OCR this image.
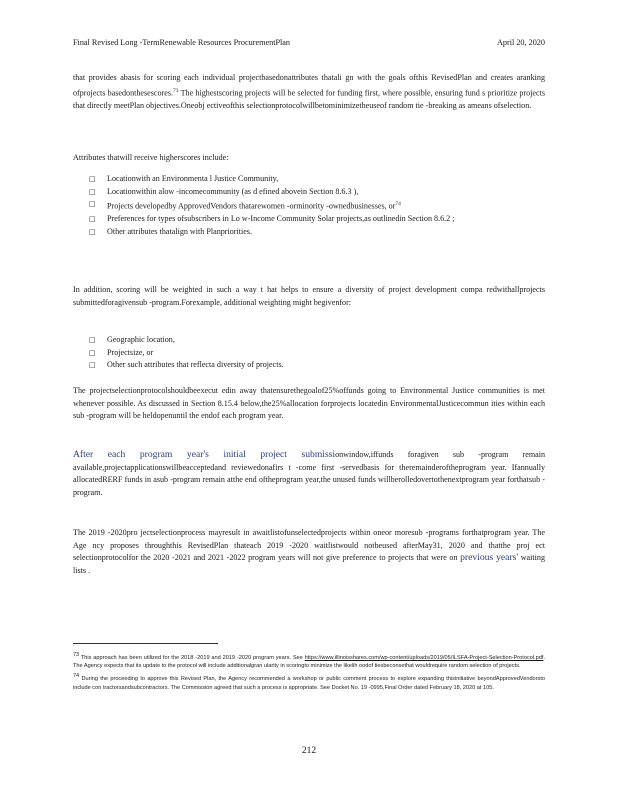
Final Revised Long -TermRenewable Resources ProcurementPlan	April 20, 2020

that provides abasis for scoring each individual projectbasedonattributes thatali gn with the goals ofthis RevisedPlan and creates aranking ofprojects basedonthesescores.$^{73}$ The highestscoring projects will be selected for funding first, where possible, ensuring fund s prioritize projects that directly meetPlan objectives.Oneobj ectiveofthis selectionprotocolwillbetominimizetheuseof random tie -breaking as ameans ofselection.

Attributes thatwill receive higherscores include:

□ Locationwith an Environmenta l Justice Community,
□ Locationwithin alow -incomecommunity (as d efined abovein Section 8.6.3 ),
□ Projects developedby ApprovedVendors thatarewomen -orminority -ownedbusinesses, $or^{74}$
□ Preferences for types ofsubscribers in Lo w-Income Community Solar projects,as outlinedin Section 8.6.2 ;
□ Other attributes thatalign with Planpriorities.

In addition, scoring will be weighted in such a way t hat helps to ensure a diversity of project development compa redwithallprojects submittedforagivensub -program.Forexample, additional weighting might begivenfor:

□ Geographic location,
□ Projectsize, or
□ Other such attributes that reflecta diversity of projects.

The projectselectionprotocolshouldbeexecut edin away thatensurethegoalof25%offunds going to Environmental Justice communities is met whenever possible. As discussed in Section 8.15.4 below,the25%allocation forprojects locatedin EnvironmentalJusticecommun ities within each sub -program will be heldopenuntil the endof each program year.

After each program year's initial project submissionwindow,iffunds foragiven sub -program remain available,projectapplicationswillbeacceptedand reviewedonafirs t -come first -servedbasis for theremainderoftheprogram year. Ifannually allocatedRERF funds in asub -program remain atthe end oftheprogram year,the unused funds willberolledovertothenextprogram year forthatsub - program.

The 2019 -2020pro jectselectionprocess mayresult in awaitlistofunselectedprojects within oneor moresub -programs forthatprogram year. The Age ncy proposes throughthis RevisedPlan thateach 2019 -2020 waitlistwould notbeused afterMay31, 2020 and thatthe proj ect selectionprotocolfor the 2020 -2021 and 2021 -2022 program years will not give preference to projects that were on previous years' waiting lists .

73 This approach has been utilized for the 2018 -2019 and 2019 -2020 program years. See https://www.illinoisshares.com/wp-content/uploads/2019/05/ILSFA-Project-Selection-Protocol.pdf. The Agency expects that its update to the protocol will include additionalgran ularity in scoringto minimize the likelih oodof tiesbeconsethat wouldrequire random selection of projects.

74 During the proceeding to approve this Revised Plan, the Agency recommended a workshop or public comment process to explore expanding thisinitiative beyondApprovedVendorsto include con tractorsandsubcontractors. The Commission agreed that such a process is appropriate. See Docket No. 19 -0995,Final Order dated February 18, 2020 at 105.

212
